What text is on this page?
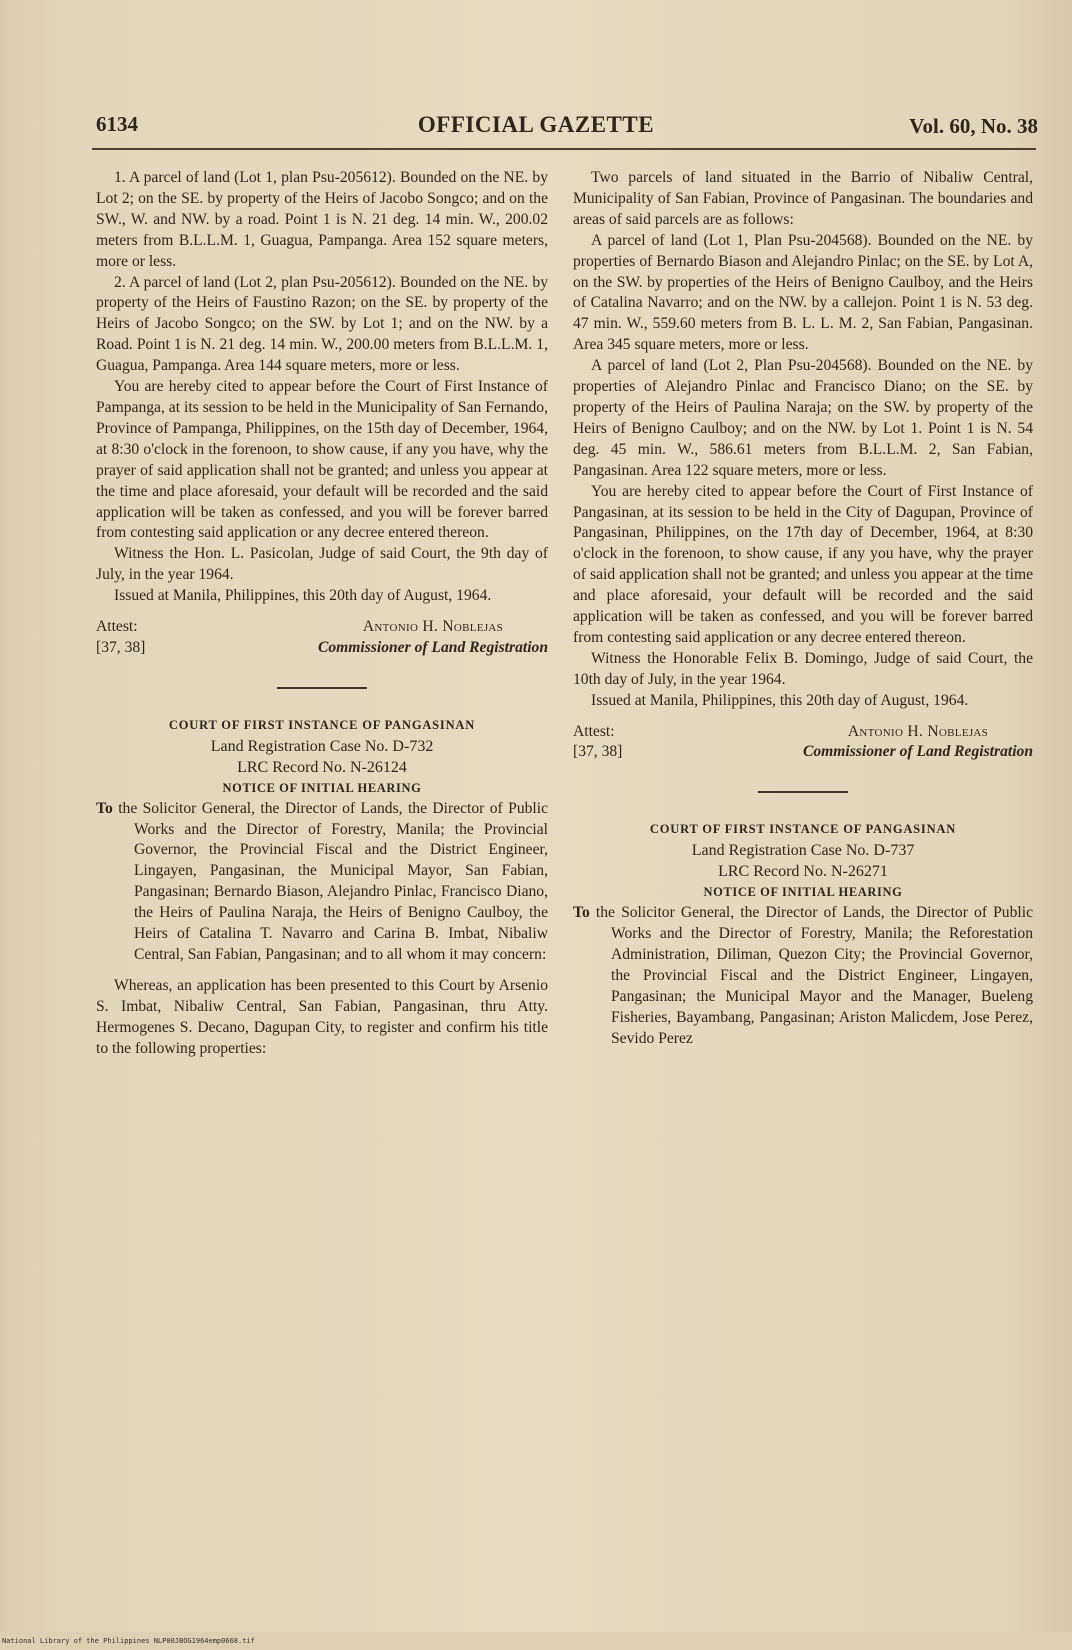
6134	OFFICIAL GAZETTE	Vol. 60, No. 38

1. A parcel of land (Lot 1, plan Psu-205612). Bounded on the NE. by Lot 2; on the SE. by property of the Heirs of Jacobo Songco; and on the SW., W. and NW. by a road. Point 1 is N. 21 deg. 14 min. W., 200.02 meters from B.L.L.M. 1, Guagua, Pampanga. Area 152 square meters, more or less.

2. A parcel of land (Lot 2, plan Psu-205612). Bounded on the NE. by property of the Heirs of Faustino Razon; on the SE. by property of the Heirs of Jacobo Songco; on the SW. by Lot 1; and on the NW. by a Road. Point 1 is N. 21 deg. 14 min. W., 200.00 meters from B.L.L.M. 1, Guagua, Pampanga. Area 144 square meters, more or less.

You are hereby cited to appear before the Court of First Instance of Pampanga, at its session to be held in the Municipality of San Fernando, Province of Pampanga, Philippines, on the 15th day of December, 1964, at 8:30 o'clock in the forenoon, to show cause, if any you have, why the prayer of said application shall not be granted; and unless you appear at the time and place aforesaid, your default will be recorded and the said application will be taken as confessed, and you will be forever barred from contesting said application or any decree entered thereon.

Witness the Hon. L. Pasicolan, Judge of said Court, the 9th day of July, in the year 1964.

Issued at Manila, Philippines, this 20th day of August, 1964.

Attest:
[37, 38]
Antonio H. Noblejas
Commissioner of Land Registration

COURT OF FIRST INSTANCE OF PANGASINAN

Land Registration Case No. D-732

LRC Record No. N-26124

NOTICE OF INITIAL HEARING

To the Solicitor General, the Director of Lands, the Director of Public Works and the Director of Forestry, Manila; the Provincial Governor, the Provincial Fiscal and the District Engineer, Lingayen, Pangasinan, the Municipal Mayor, San Fabian, Pangasinan; Bernardo Biason, Alejandro Pinlac, Francisco Diano, the Heirs of Paulina Naraja, the Heirs of Benigno Caulboy, the Heirs of Catalina T. Navarro and Carina B. Imbat, Nibaliw Central, San Fabian, Pangasinan; and to all whom it may concern:

Whereas, an application has been presented to this Court by Arsenio S. Imbat, Nibaliw Central, San Fabian, Pangasinan, thru Atty. Hermogenes S. Decano, Dagupan City, to register and confirm his title to the following properties:

Two parcels of land situated in the Barrio of Nibaliw Central, Municipality of San Fabian, Province of Pangasinan. The boundaries and areas of said parcels are as follows:

A parcel of land (Lot 1, Plan Psu-204568). Bounded on the NE. by properties of Bernardo Biason and Alejandro Pinlac; on the SE. by Lot A, on the SW. by properties of the Heirs of Benigno Caulboy, and the Heirs of Catalina Navarro; and on the NW. by a callejon. Point 1 is N. 53 deg. 47 min. W., 559.60 meters from B. L. L. M. 2, San Fabian, Pangasinan. Area 345 square meters, more or less.

A parcel of land (Lot 2, Plan Psu-204568). Bounded on the NE. by properties of Alejandro Pinlac and Francisco Diano; on the SE. by property of the Heirs of Paulina Naraja; on the SW. by property of the Heirs of Benigno Caulboy; and on the NW. by Lot 1. Point 1 is N. 54 deg. 45 min. W., 586.61 meters from B.L.L.M. 2, San Fabian, Pangasinan. Area 122 square meters, more or less.

You are hereby cited to appear before the Court of First Instance of Pangasinan, at its session to be held in the City of Dagupan, Province of Pangasinan, Philippines, on the 17th day of December, 1964, at 8:30 o'clock in the forenoon, to show cause, if any you have, why the prayer of said application shall not be granted; and unless you appear at the time and place aforesaid, your default will be recorded and the said application will be taken as confessed, and you will be forever barred from contesting said application or any decree entered thereon.

Witness the Honorable Felix B. Domingo, Judge of said Court, the 10th day of July, in the year 1964.

Issued at Manila, Philippines, this 20th day of August, 1964.

Attest:
[37, 38]
Antonio H. Noblejas
Commissioner of Land Registration

COURT OF FIRST INSTANCE OF PANGASINAN

Land Registration Case No. D-737

LRC Record No. N-26271

NOTICE OF INITIAL HEARING

To the Solicitor General, the Director of Lands, the Director of Public Works and the Director of Forestry, Manila; the Reforestation Administration, Diliman, Quezon City; the Provincial Governor, the Provincial Fiscal and the District Engineer, Lingayen, Pangasinan; the Municipal Mayor and the Manager, Bueleng Fisheries, Bayambang, Pangasinan; Ariston Malicdem, Jose Perez, Sevido Perez

National Library of the Philippines NLP00JBOG1964emp0668.tif
